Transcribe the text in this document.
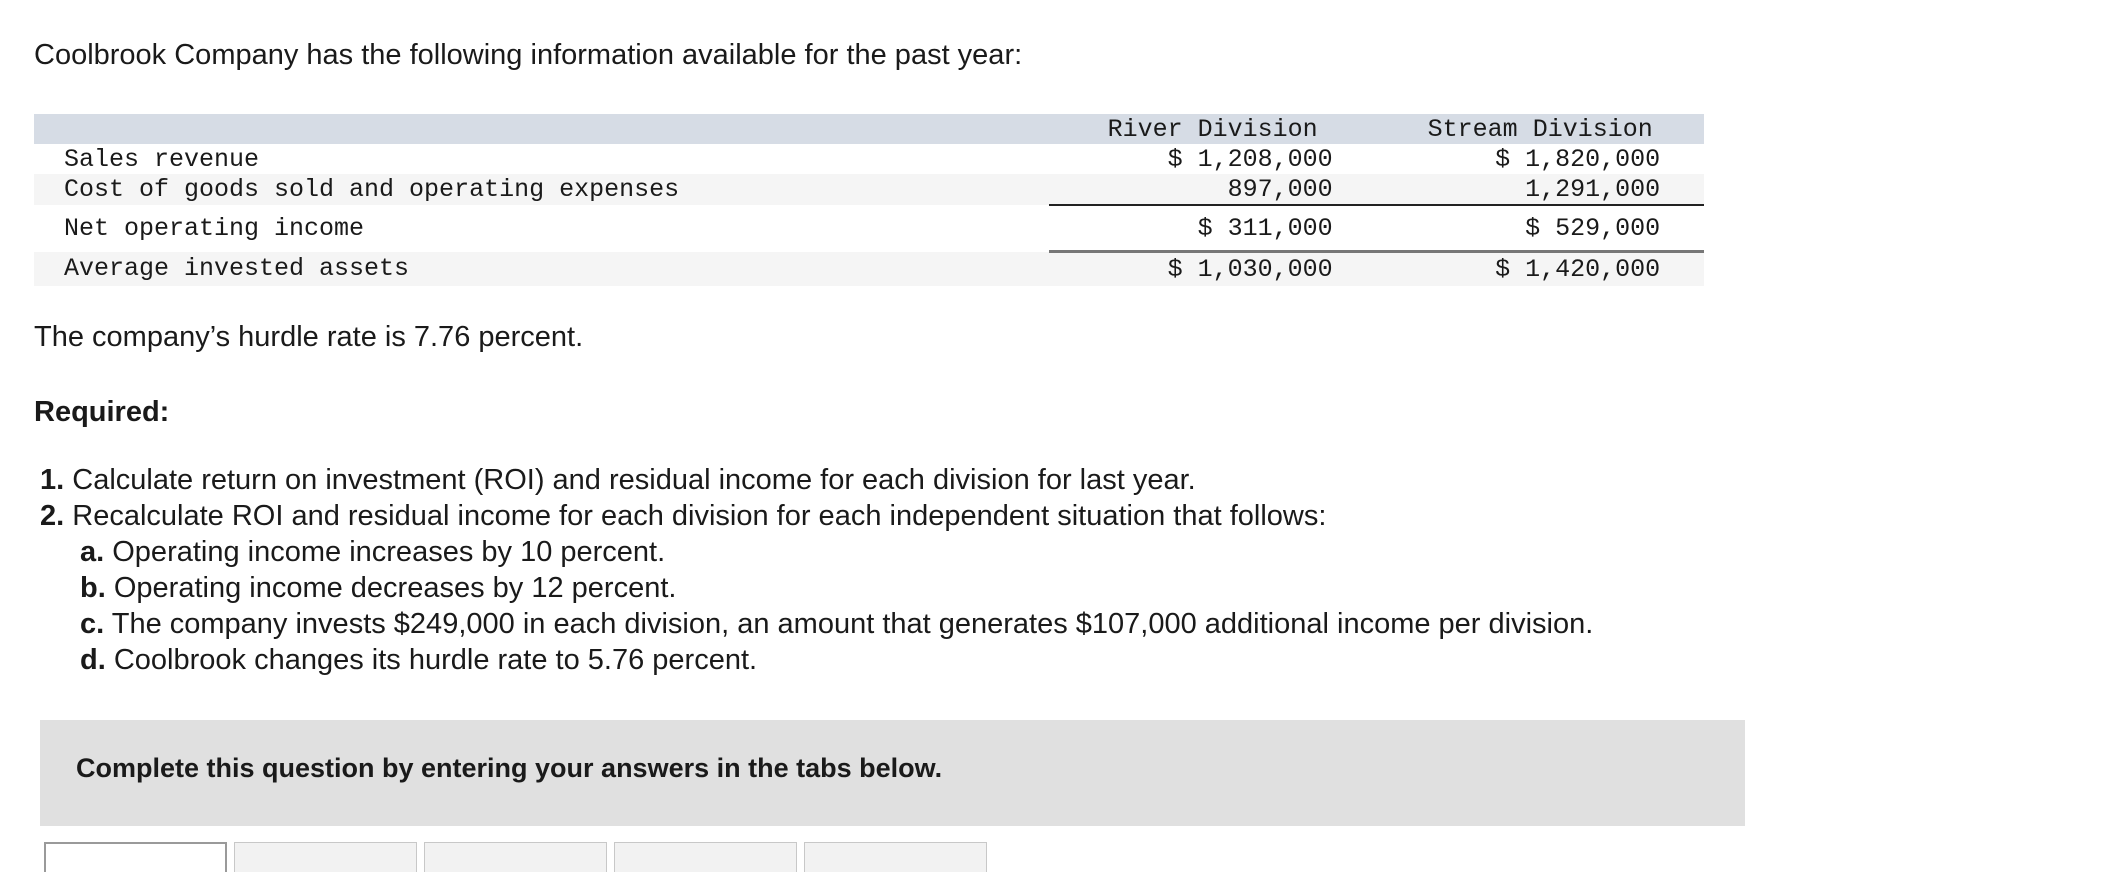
Coolbrook Company has the following information available for the past year:
	River Division	Stream Division
Sales revenue	$ 1,208,000	$ 1,820,000

Cost of goods sold and operating expenses	897,000	1,291,000

Net operating income	$ 311,000	$ 529,000

Average invested assets	$ 1,030,000	$ 1,420,000
The company’s hurdle rate is 7.76 percent.
Required:
1. Calculate return on investment (ROI) and residual income for each division for last year.
2. Recalculate ROI and residual income for each division for each independent situation that follows:
a. Operating income increases by 10 percent.
b. Operating income decreases by 12 percent.
c. The company invests $249,000 in each division, an amount that generates $107,000 additional income per division.
d. Coolbrook changes its hurdle rate to 5.76 percent.
Complete this question by entering your answers in the tabs below.
